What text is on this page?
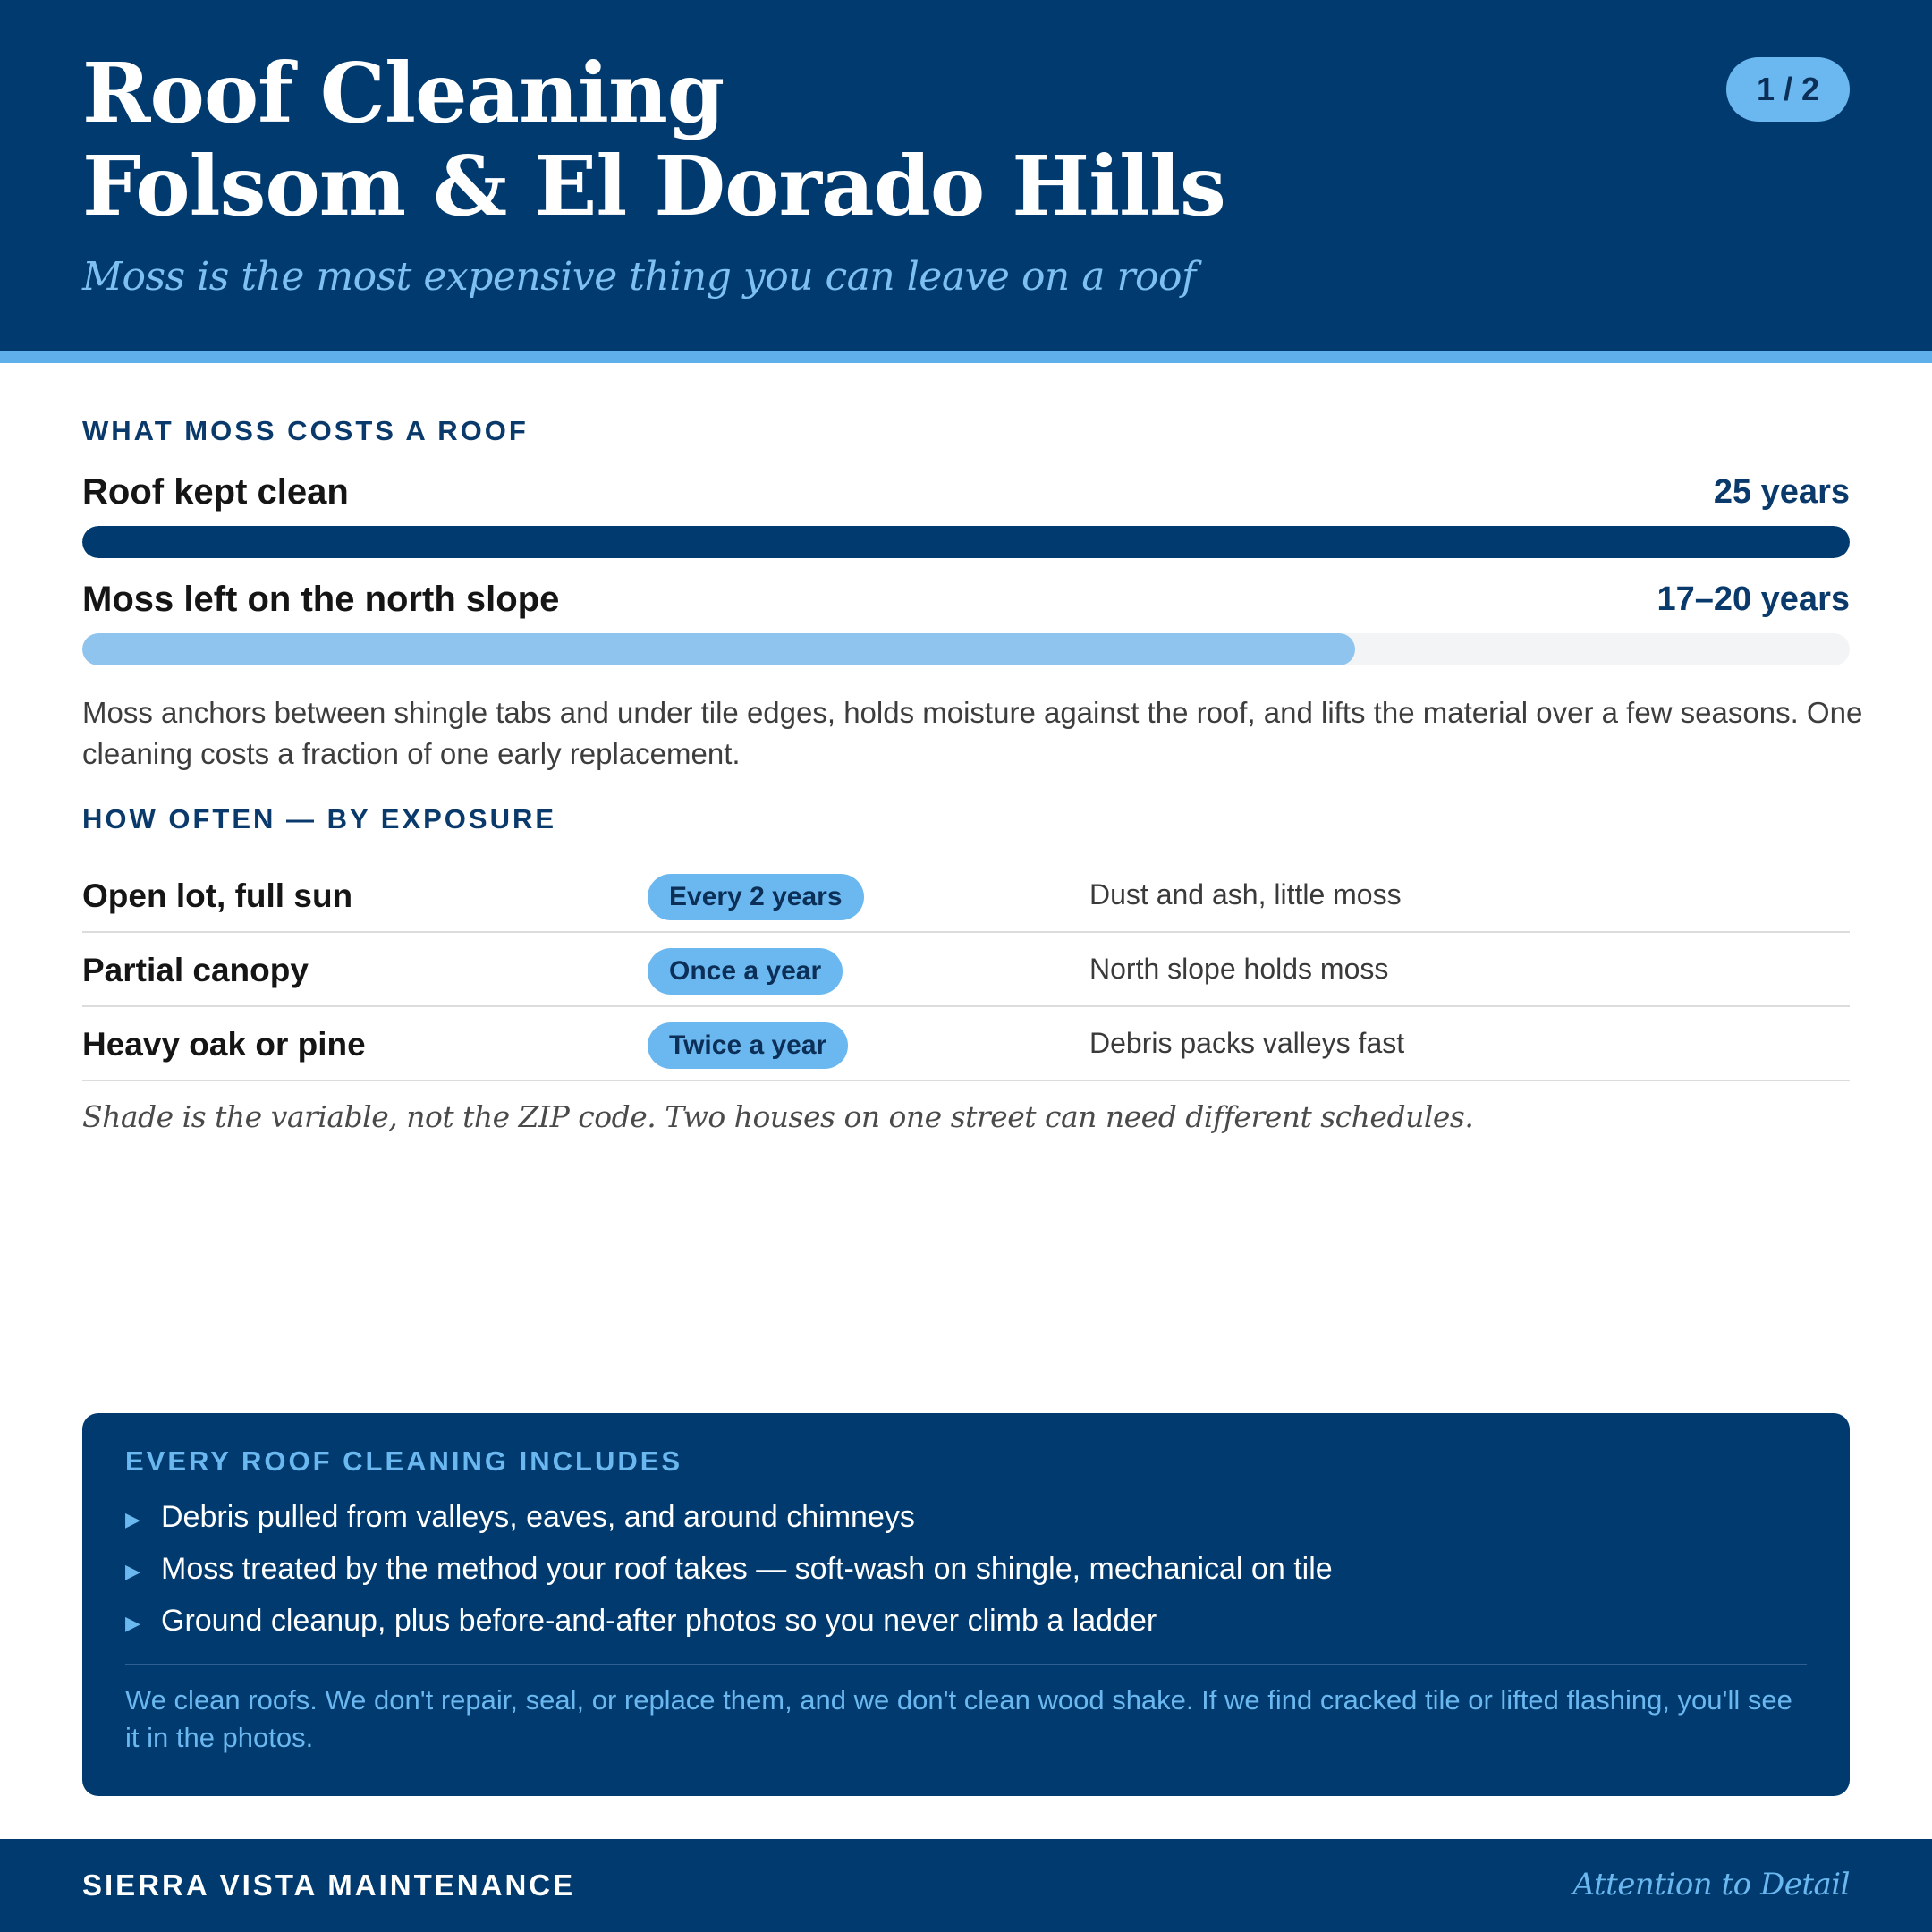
Roof Cleaning
Folsom & El Dorado Hills

Moss is the most expensive thing you can leave on a roof

1 / 2
WHAT MOSS COSTS A ROOF
Roof kept clean	25 years
Moss left on the north slope	17–20 years

Moss anchors between shingle tabs and under tile edges, holds moisture against the roof, and lifts the material over a few seasons. One cleaning costs a fraction of one early replacement.

HOW OFTEN — BY EXPOSURE
Open lot, full sun	Every 2 years	Dust and ash, little moss
Partial canopy	Once a year	North slope holds moss
Heavy oak or pine	Twice a year	Debris packs valleys fast

Shade is the variable, not the ZIP code. Two houses on one street can need different schedules.

EVERY ROOF CLEANING INCLUDES
▶ Debris pulled from valleys, eaves, and around chimneys
▶ Moss treated by the method your roof takes — soft-wash on shingle, mechanical on tile
▶ Ground cleanup, plus before-and-after photos so you never climb a ladder

We clean roofs. We don't repair, seal, or replace them, and we don't clean wood shake. If we find cracked tile or lifted flashing, you'll see it in the photos.

SIERRA VISTA MAINTENANCE	Attention to Detail
